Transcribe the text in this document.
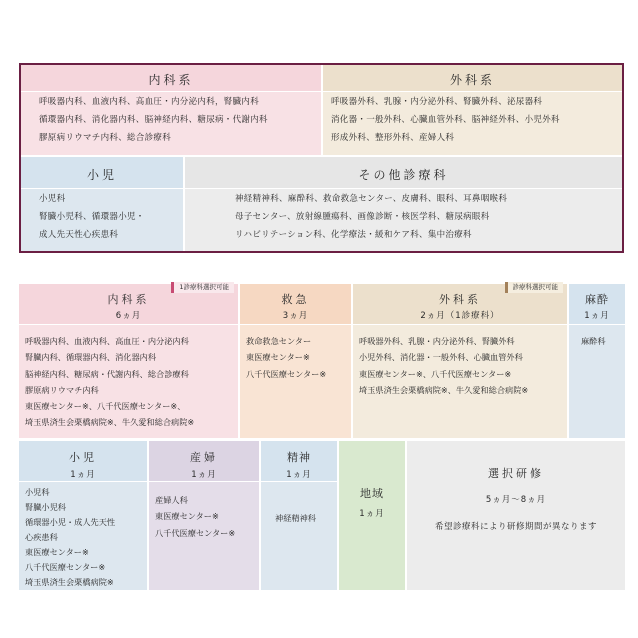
内科系
呼吸器内科、血液内科、高血圧・内分泌内科，腎臓内科
循環器内科、消化器内科、脳神経内科、糖尿病・代謝内科
膠原病リウマチ内科、総合診療科
外科系
呼吸器外科、乳腺・内分泌外科、腎臓外科、泌尿器科
消化器・一般外科、心臓血管外科、脳神経外科、小児外科
形成外科、整形外科、産婦人科
小児
小児科
腎臓小児科、循環器小児・
成人先天性心疾患科
その他診療科
神経精神科、麻酔科、救命救急センター、皮膚科、眼科、耳鼻咽喉科
母子センター、放射線腫瘍科、画像診断・核医学科、糖尿病眼科
リハビリテーション科、化学療法・緩和ケア科、集中治療科
1診療科選択可能
内科系
6ヵ月
呼吸器内科、血液内科、高血圧・内分泌内科
腎臓内科、循環器内科、消化器内科
脳神経内科、糖尿病・代謝内科、総合診療科
膠原病リウマチ内科
東医療センター※、八千代医療センター※、
埼玉県済生会栗橋病院※、牛久愛和総合病院※
救急
3ヵ月
救命救急センター
東医療センター※
八千代医療センター※
診療科選択可能
外科系
2ヵ月（1診療科）
呼吸器外科、乳腺・内分泌外科、腎臓外科
小児外科、消化器・一般外科、心臓血管外科
東医療センター※、八千代医療センター※
埼玉県済生会栗橋病院※、牛久愛和総合病院※
麻酔
1ヵ月
麻酔科
小児
1ヵ月
小児科
腎臓小児科
循環器小児・成人先天性
心疾患科
東医療センター※
八千代医療センター※
埼玉県済生会栗橋病院※
産婦
1ヵ月
産婦人科
東医療センター※
八千代医療センター※
精神
1ヵ月
神経精神科
地域
1ヵ月
選択研修
5ヵ月～8ヵ月
希望診療科により研修期間が異なります
